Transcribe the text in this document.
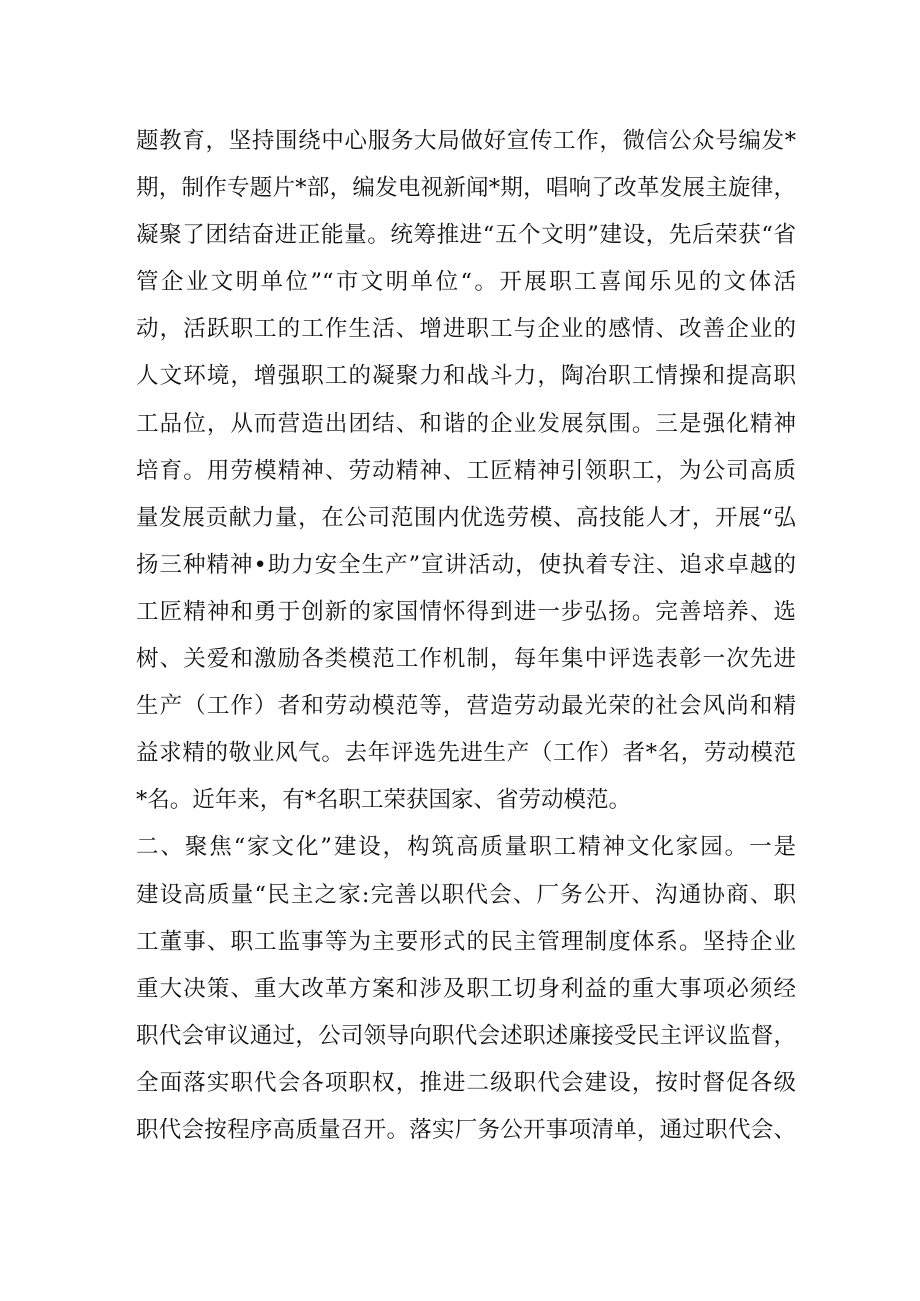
题教育，坚持围绕中心服务大局做好宣传工作，微信公众号编发*
期，制作专题片*部，编发电视新闻*期，唱响了改革发展主旋律，
凝聚了团结奋进正能量。统筹推进“五个文明”建设，先后荣获“省
管企业文明单位”“市文明单位“。开展职工喜闻乐见的文体活
动，活跃职工的工作生活、增进职工与企业的感情、改善企业的
人文环境，增强职工的凝聚力和战斗力，陶冶职工情操和提高职
工品位，从而营造出团结、和谐的企业发展氛围。三是强化精神
培育。用劳模精神、劳动精神、工匠精神引领职工，为公司高质
量发展贡献力量，在公司范围内优选劳模、高技能人才，开展“弘
扬三种精神•助力安全生产”宣讲活动，使执着专注、追求卓越的
工匠精神和勇于创新的家国情怀得到进一步弘扬。完善培养、选
树、关爱和激励各类模范工作机制，每年集中评选表彰一次先进
生产（工作）者和劳动模范等，营造劳动最光荣的社会风尚和精
益求精的敬业风气。去年评选先进生产（工作）者*名，劳动模范
*名。近年来，有*名职工荣获国家、省劳动模范。
二、聚焦“家文化”建设，构筑高质量职工精神文化家园。一是
建设高质量“民主之家:完善以职代会、厂务公开、沟通协商、职
工董事、职工监事等为主要形式的民主管理制度体系。坚持企业
重大决策、重大改革方案和涉及职工切身利益的重大事项必须经
职代会审议通过，公司领导向职代会述职述廉接受民主评议监督，
全面落实职代会各项职权，推进二级职代会建设，按时督促各级
职代会按程序高质量召开。落实厂务公开事项清单，通过职代会、
